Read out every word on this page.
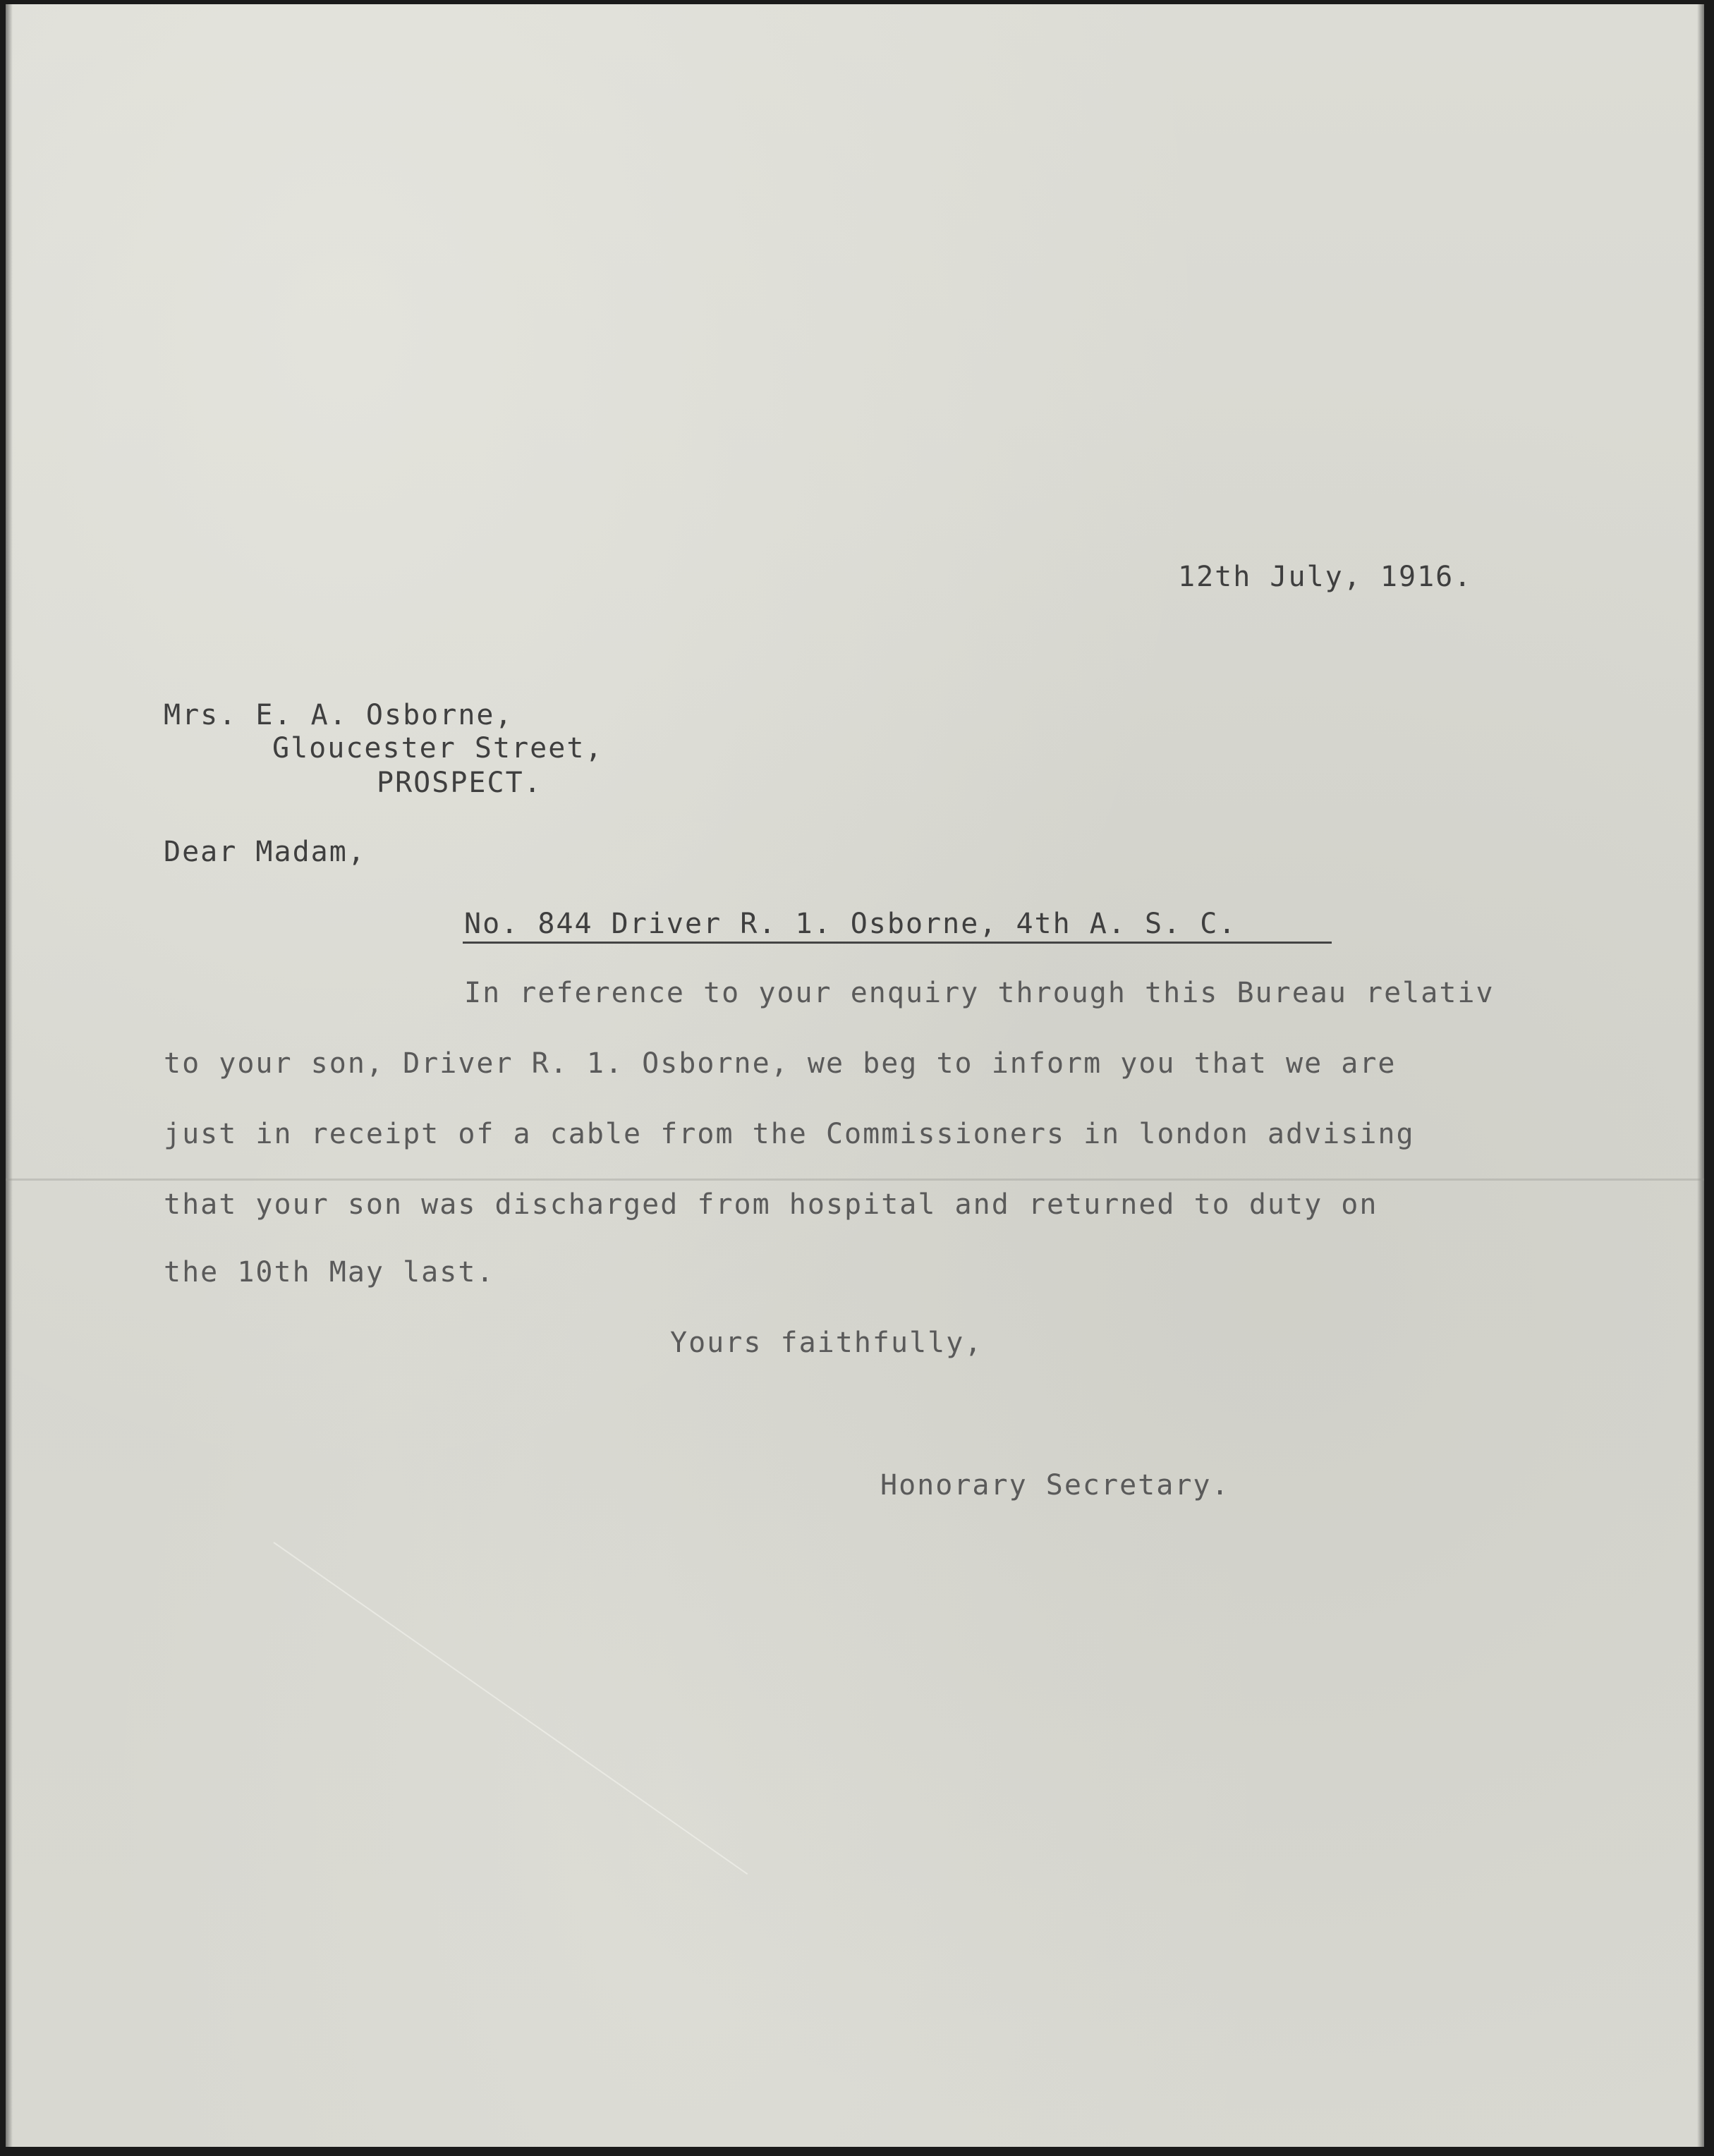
12th July, 1916.
Mrs. E. A. Osborne,
Gloucester Street,
PROSPECT.
Dear Madam,
No. 844 Driver R. 1. Osborne, 4th A. S. C.
In reference to your enquiry through this Bureau relativ
to your son, Driver R. 1. Osborne, we beg to inform you that we are
just in receipt of a cable from the Commissioners in london advising
that your son was discharged from hospital and returned to duty on
the 10th May last.
Yours faithfully,
Honorary Secretary.
